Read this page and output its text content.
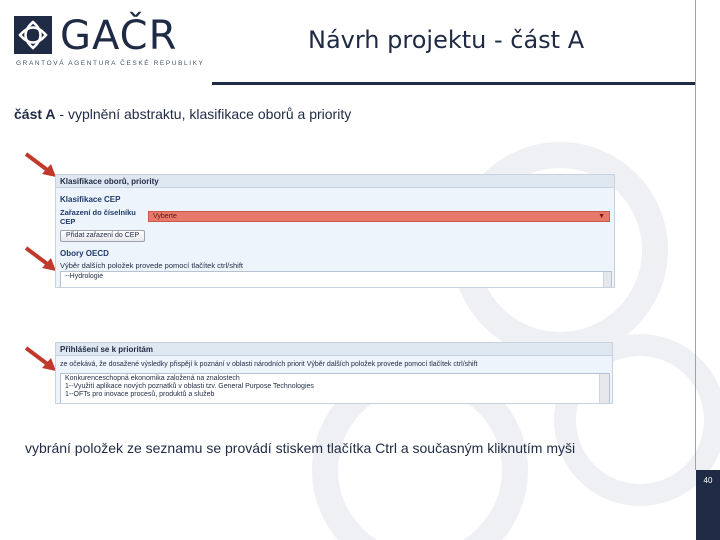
GAČR
GRANTOVÁ AGENTURA ČESKÉ REPUBLIKY
Návrh projektu - část A
část A - vyplnění abstraktu, klasifikace oborů a priority
Klasifikace oborů, priority
Klasifikace CEP
Zařazení do číselníku
CEP
Vyberte	▼
Přidat zařazení do CEP
Obory OECD
Výběr dalších položek provede pomocí tlačítek ctrl/shift
--Hydrologie
Přihlášení se k prioritám
ze očekává, že dosažené výsledky přispějí k poznání v oblasti národních priorit Výběr dalších položek provede pomocí tlačítek ctrl/shift
Konkurenceschopná ekonomika založená na znalostech
1--Využití aplikace nových poznatků v oblasti tzv. General Purpose Technologies
1--OFTs pro inovace procesů, produktů a služeb
vybrání položek ze seznamu se provádí stiskem tlačítka Ctrl a současným kliknutím myši
40
